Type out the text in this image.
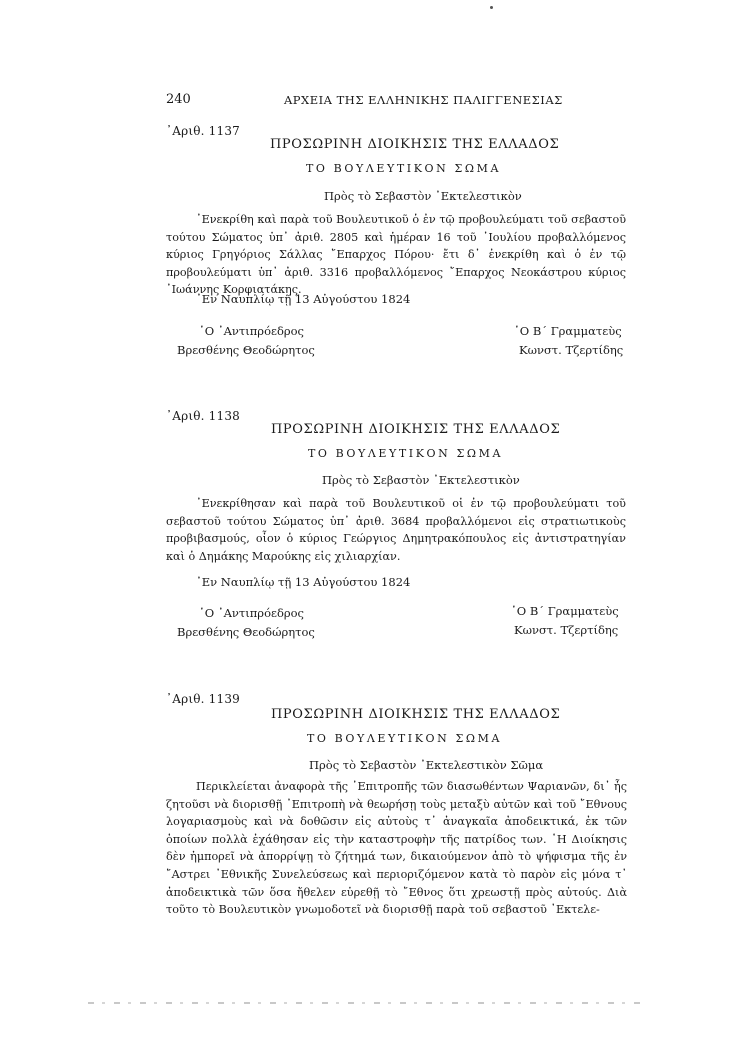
240	ΑΡΧΕΙΑ ΤΗΣ ΕΛΛΗΝΙΚΗΣ ΠΑΛΙΓΓΕΝΕΣΙΑΣ
᾿Αριθ. 1137
ΠΡΟΣΩΡΙΝΗ ΔΙΟΙΚΗΣΙΣ ΤΗΣ ΕΛΛΑΔΟΣ
ΤΟ ΒΟΥΛΕΥΤΙΚΟΝ ΣΩΜΑ
Πρὸς τὸ Σεβαστὸν ᾿Εκτελεστικὸν
᾿Ενεκρίθη καὶ παρὰ τοῦ Βουλευτικοῦ ὁ ἐν τῷ προβουλεύματι τοῦ σεβαστοῦ τούτου Σώματος ὑπ᾿ ἀριθ. 2805 καὶ ἡμέραν 16 τοῦ ᾿Ιουλίου προβαλλόμενος κύριος Γρηγόριος Σάλλας ῎Επαρχος Πόρου· ἔτι δ᾿ ἐνεκρίθη καὶ ὁ ἐν τῷ προβουλεύματι ὑπ᾿ ἀριθ. 3316 προβαλλόμενος ῎Επαρχος Νεοκάστρου κύριος ᾿Ιωάννης Κορφιατάκης.
᾿Εν Ναυπλίῳ τῇ 13 Αὐγούστου 1824
῾Ο ᾿Αντιπρόεδρος
Βρεσθένης Θεοδώρητος
῾Ο Β΄ Γραμματεὺς
Κωνστ. Τζερτίδης
᾿Αριθ. 1138
ΠΡΟΣΩΡΙΝΗ ΔΙΟΙΚΗΣΙΣ ΤΗΣ ΕΛΛΑΔΟΣ
ΤΟ ΒΟΥΛΕΥΤΙΚΟΝ ΣΩΜΑ
Πρὸς τὸ Σεβαστὸν ᾿Εκτελεστικὸν
᾿Ενεκρίθησαν καὶ παρὰ τοῦ Βουλευτικοῦ οἱ ἐν τῷ προβουλεύματι τοῦ σεβαστοῦ τούτου Σώματος ὑπ᾿ ἀριθ. 3684 προβαλλόμενοι εἰς στρατιωτικοὺς προβιβασμούς, οἷον ὁ κύριος Γεώργιος Δημητρακόπουλος εἰς ἀντιστρατηγίαν καὶ ὁ Δημάκης Μαρούκης εἰς χιλιαρχίαν.
᾿Εν Ναυπλίῳ τῇ 13 Αὐγούστου 1824
῾Ο ᾿Αντιπρόεδρος
Βρεσθένης Θεοδώρητος
῾Ο Β΄ Γραμματεὺς
Κωνστ. Τζερτίδης
᾿Αριθ. 1139
ΠΡΟΣΩΡΙΝΗ ΔΙΟΙΚΗΣΙΣ ΤΗΣ ΕΛΛΑΔΟΣ
ΤΟ ΒΟΥΛΕΥΤΙΚΟΝ ΣΩΜΑ
Πρὸς τὸ Σεβαστὸν ᾿Εκτελεστικὸν Σῶμα
Περικλείεται ἀναφορὰ τῆς ᾿Επιτροπῆς τῶν διασωθέντων Ψαριανῶν, δι᾿ ἧς ζητοῦσι νὰ διορισθῇ ᾿Επιτροπὴ νὰ θεωρήσῃ τοὺς μεταξὺ αὐτῶν καὶ τοῦ ῎Εθνους λογαριασμοὺς καὶ νὰ δοθῶσιν εἰς αὐτοὺς τ᾿ ἀναγκαῖα ἀποδεικτικά, ἐκ τῶν ὁποίων πολλὰ ἐχάθησαν εἰς τὴν καταστροφὴν τῆς πατρίδος των. ῾Η Διοίκησις δὲν ἠμπορεῖ νὰ ἀπορρίψῃ τὸ ζήτημά των, δικαιούμενον ἀπὸ τὸ ψήφισμα τῆς ἐν ῎Αστρει ᾿Εθνικῆς Συνελεύσεως καὶ περιοριζόμενον κατὰ τὸ παρὸν εἰς μόνα τ᾿ ἀποδεικτικὰ τῶν ὅσα ἤθελεν εὑρεθῇ τὸ ῎Εθνος ὅτι χρεωστῇ πρὸς αὐτούς. Διὰ τοῦτο τὸ Βουλευτικὸν γνωμοδοτεῖ νὰ διορισθῇ παρὰ τοῦ σεβαστοῦ ᾿Εκτελε-
